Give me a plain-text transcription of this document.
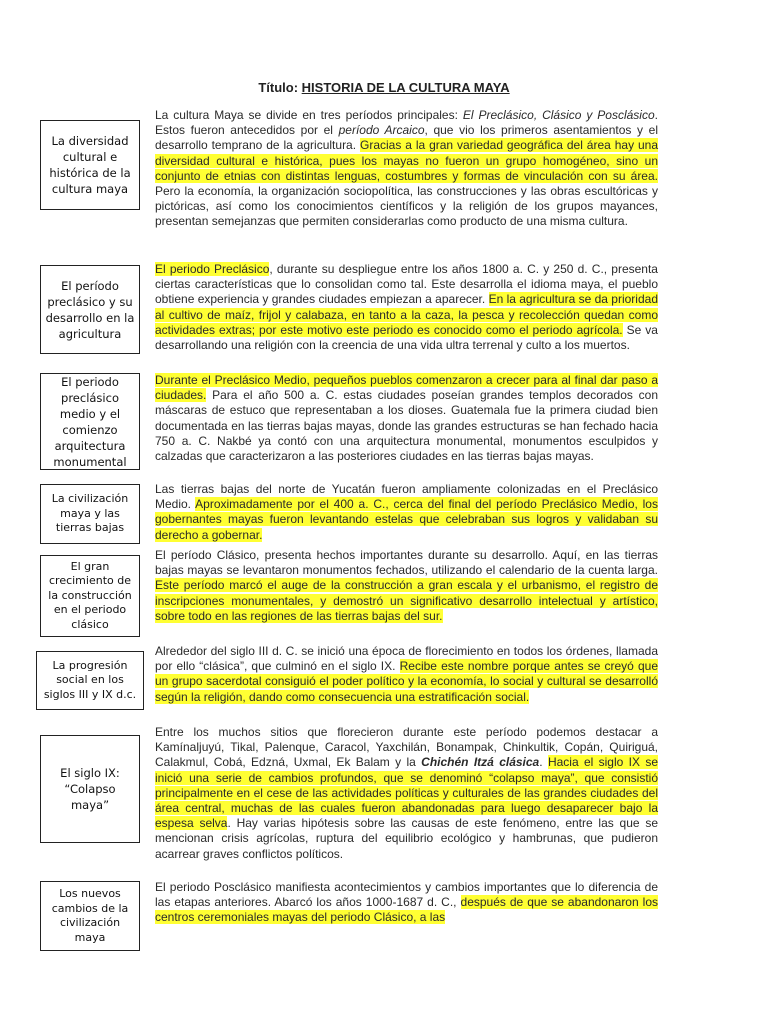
Título: HISTORIA DE LA CULTURA MAYA
La diversidad cultural e histórica de la cultura maya
El período preclásico y su desarrollo en la agricultura
El periodo preclásico medio y el comienzo arquitectura monumental
La civilización maya y las tierras bajas
El gran crecimiento de la construcción en el periodo clásico
La progresión social en los siglos III y IX d.c.
El siglo IX: “Colapso maya”
Los nuevos cambios de la civilización maya

La cultura Maya se divide en tres períodos principales: El Preclásico, Clásico y Posclásico. Estos fueron antecedidos por el período Arcaico, que vio los primeros asentamientos y el desarrollo temprano de la agricultura. Gracias a la gran variedad geográfica del área hay una diversidad cultural e histórica, pues los mayas no fueron un grupo homogéneo, sino un conjunto de etnias con distintas lenguas, costumbres y formas de vinculación con su área. Pero la economía, la organización sociopolítica, las construcciones y las obras escultóricas y pictóricas, así como los conocimientos científicos y la religión de los grupos mayances, presentan semejanzas que permiten considerarlas como producto de una misma cultura.

El periodo Preclásico, durante su despliegue entre los años 1800 a. C. y 250 d. C., presenta ciertas características que lo consolidan como tal. Este desarrolla el idioma maya, el pueblo obtiene experiencia y grandes ciudades empiezan a aparecer. En la agricultura se da prioridad al cultivo de maíz, frijol y calabaza, en tanto a la caza, la pesca y recolección quedan como actividades extras; por este motivo este periodo es conocido como el periodo agrícola. Se va desarrollando una religión con la creencia de una vida ultra terrenal y culto a los muertos.

Durante el Preclásico Medio, pequeños pueblos comenzaron a crecer para al final dar paso a ciudades. Para el año 500 a. C. estas ciudades poseían grandes templos decorados con máscaras de estuco que representaban a los dioses. Guatemala fue la primera ciudad bien documentada en las tierras bajas mayas, donde las grandes estructuras se han fechado hacia 750 a. C. Nakbé ya contó con una arquitectura monumental, monumentos esculpidos y calzadas que caracterizaron a las posteriores ciudades en las tierras bajas mayas.

Las tierras bajas del norte de Yucatán fueron ampliamente colonizadas en el Preclásico Medio. Aproximadamente por el 400 a. C., cerca del final del período Preclásico Medio, los gobernantes mayas fueron levantando estelas que celebraban sus logros y validaban su derecho a gobernar.

El período Clásico, presenta hechos importantes durante su desarrollo. Aquí, en las tierras bajas mayas se levantaron monumentos fechados, utilizando el calendario de la cuenta larga. Este período marcó el auge de la construcción a gran escala y el urbanismo, el registro de inscripciones monumentales, y demostró un significativo desarrollo intelectual y artístico, sobre todo en las regiones de las tierras bajas del sur.

Alrededor del siglo III d. C. se inició una época de florecimiento en todos los órdenes, llamada por ello “clásica”, que culminó en el siglo IX. Recibe este nombre porque antes se creyó que un grupo sacerdotal consiguió el poder político y la economía, lo social y cultural se desarrolló según la religión, dando como consecuencia una estratificación social.

Entre los muchos sitios que florecieron durante este período podemos destacar a Kamínaljuyú, Tikal, Palenque, Caracol, Yaxchilán, Bonampak, Chinkultik, Copán, Quiriguá, Calakmul, Cobá, Edzná, Uxmal, Ek Balam y la Chichén Itzá clásica. Hacia el siglo IX se inició una serie de cambios profundos, que se denominó “colapso maya”, que consistió principalmente en el cese de las actividades políticas y culturales de las grandes ciudades del área central, muchas de las cuales fueron abandonadas para luego desaparecer bajo la espesa selva. Hay varias hipótesis sobre las causas de este fenómeno, entre las que se mencionan crisis agrícolas, ruptura del equilibrio ecológico y hambrunas, que pudieron acarrear graves conflictos políticos.

El periodo Posclásico manifiesta acontecimientos y cambios importantes que lo diferencia de las etapas anteriores. Abarcó los años 1000-1687 d. C., después de que se abandonaron los centros ceremoniales mayas del periodo Clásico, a las
